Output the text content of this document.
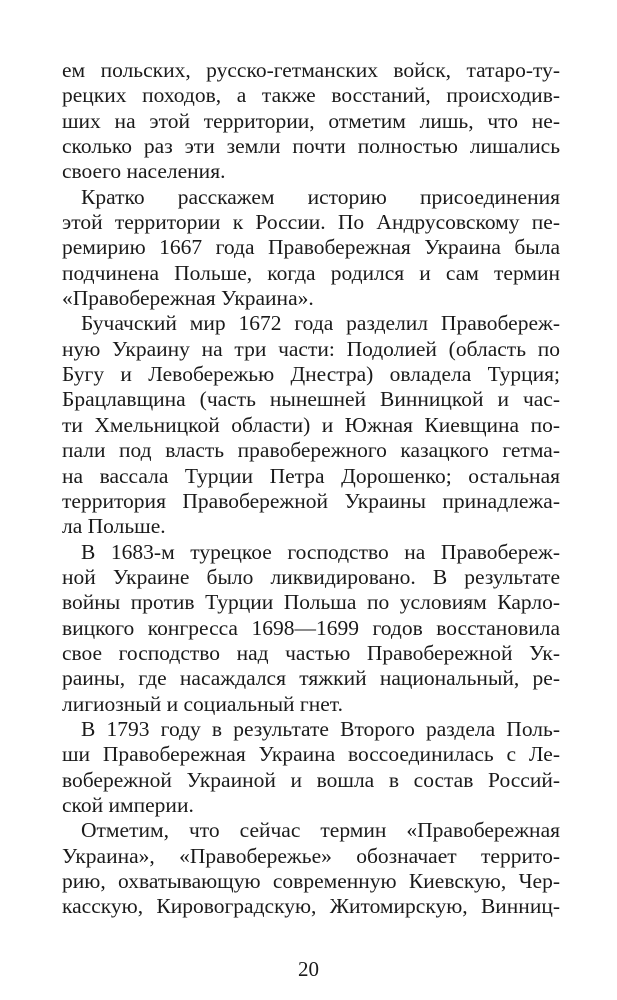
ем польских, русско-гетманских войск, татаро-ту-
рецких походов, а также восстаний, происходив-
ших на этой территории, отметим лишь, что не-
сколько раз эти земли почти полностью лишались
своего населения.
Кратко расскажем историю присоединения
этой территории к России. По Андрусовскому пе-
ремирию 1667 года Правобережная Украина была
подчинена Польше, когда родился и сам термин
«Правобережная Украина».
Бучачский мир 1672 года разделил Правобереж-
ную Украину на три части: Подолией (область по
Бугу и Левобережью Днестра) овладела Турция;
Брацлавщина (часть нынешней Винницкой и час-
ти Хмельницкой области) и Южная Киевщина по-
пали под власть правобережного казацкого гетма-
на вассала Турции Петра Дорошенко; остальная
территория Правобережной Украины принадлежа-
ла Польше.
В 1683-м турецкое господство на Правобереж-
ной Украине было ликвидировано. В результате
войны против Турции Польша по условиям Карло-
вицкого конгресса 1698—1699 годов восстановила
свое господство над частью Правобережной Ук-
раины, где насаждался тяжкий национальный, ре-
лигиозный и социальный гнет.
В 1793 году в результате Второго раздела Поль-
ши Правобережная Украина воссоединилась с Ле-
вобережной Украиной и вошла в состав Россий-
ской империи.
Отметим, что сейчас термин «Правобережная
Украина», «Правобережье» обозначает террито-
рию, охватывающую современную Киевскую, Чер-
касскую, Кировоградскую, Житомирскую, Винниц-
20
